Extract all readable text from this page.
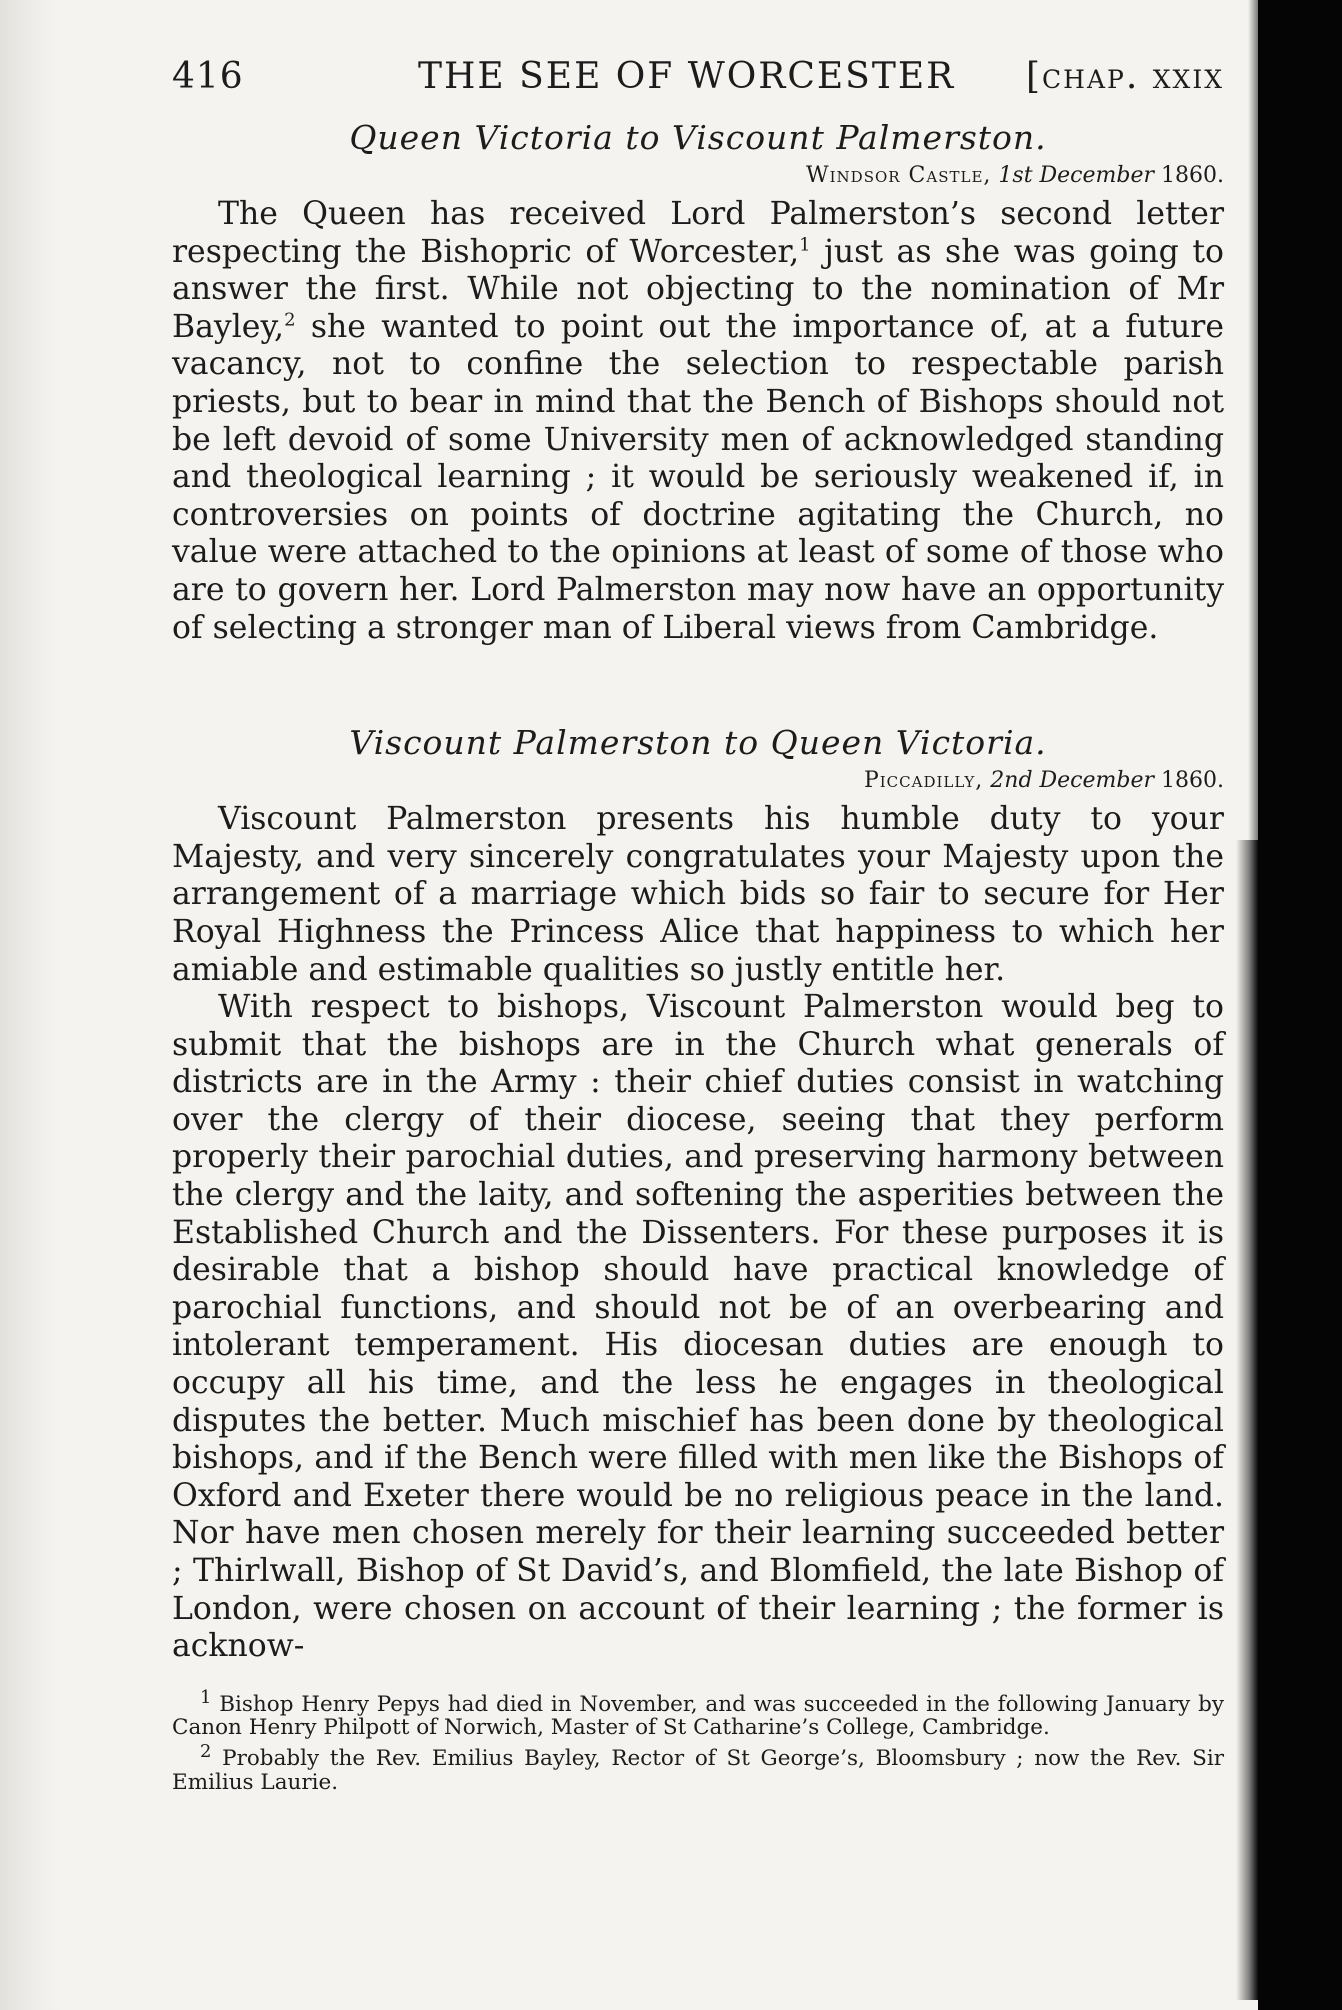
416	THE SEE OF WORCESTER [chap. xxix
Queen Victoria to Viscount Palmerston.
Windsor Castle, 1st December 1860.

The Queen has received Lord Palmerston’s second letter respecting the Bishopric of Worcester,$^1$ just as she was going to answer the first. While not objecting to the nomination of Mr Bayley,$^2$ she wanted to point out the importance of, at a future vacancy, not to confine the selection to respectable parish priests, but to bear in mind that the Bench of Bishops should not be left devoid of some University men of acknowledged standing and theological learning ; it would be seriously weakened if, in controversies on points of doctrine agitating the Church, no value were attached to the opinions at least of some of those who are to govern her. Lord Palmerston may now have an opportunity of selecting a stronger man of Liberal views from Cambridge.

Viscount Palmerston to Queen Victoria.
Piccadilly, 2nd December 1860.

Viscount Palmerston presents his humble duty to your Majesty, and very sincerely congratulates your Majesty upon the arrangement of a marriage which bids so fair to secure for Her Royal Highness the Princess Alice that happiness to which her amiable and estimable qualities so justly entitle her.

With respect to bishops, Viscount Palmerston would beg to submit that the bishops are in the Church what generals of districts are in the Army : their chief duties consist in watching over the clergy of their diocese, seeing that they perform properly their parochial duties, and preserving harmony between the clergy and the laity, and softening the asperities between the Established Church and the Dissenters. For these purposes it is desirable that a bishop should have practical knowledge of parochial functions, and should not be of an overbearing and intolerant temperament. His diocesan duties are enough to occupy all his time, and the less he engages in theological disputes the better. Much mischief has been done by theological bishops, and if the Bench were filled with men like the Bishops of Oxford and Exeter there would be no religious peace in the land. Nor have men chosen merely for their learning succeeded better ; Thirlwall, Bishop of St David’s, and Blomfield, the late Bishop of London, were chosen on account of their learning ; the former is acknow-

$^1$ Bishop Henry Pepys had died in November, and was succeeded in the following January by Canon Henry Philpott of Norwich, Master of St Catharine’s College, Cambridge.

$^2$ Probably the Rev. Emilius Bayley, Rector of St George’s, Bloomsbury ; now the Rev. Sir Emilius Laurie.
